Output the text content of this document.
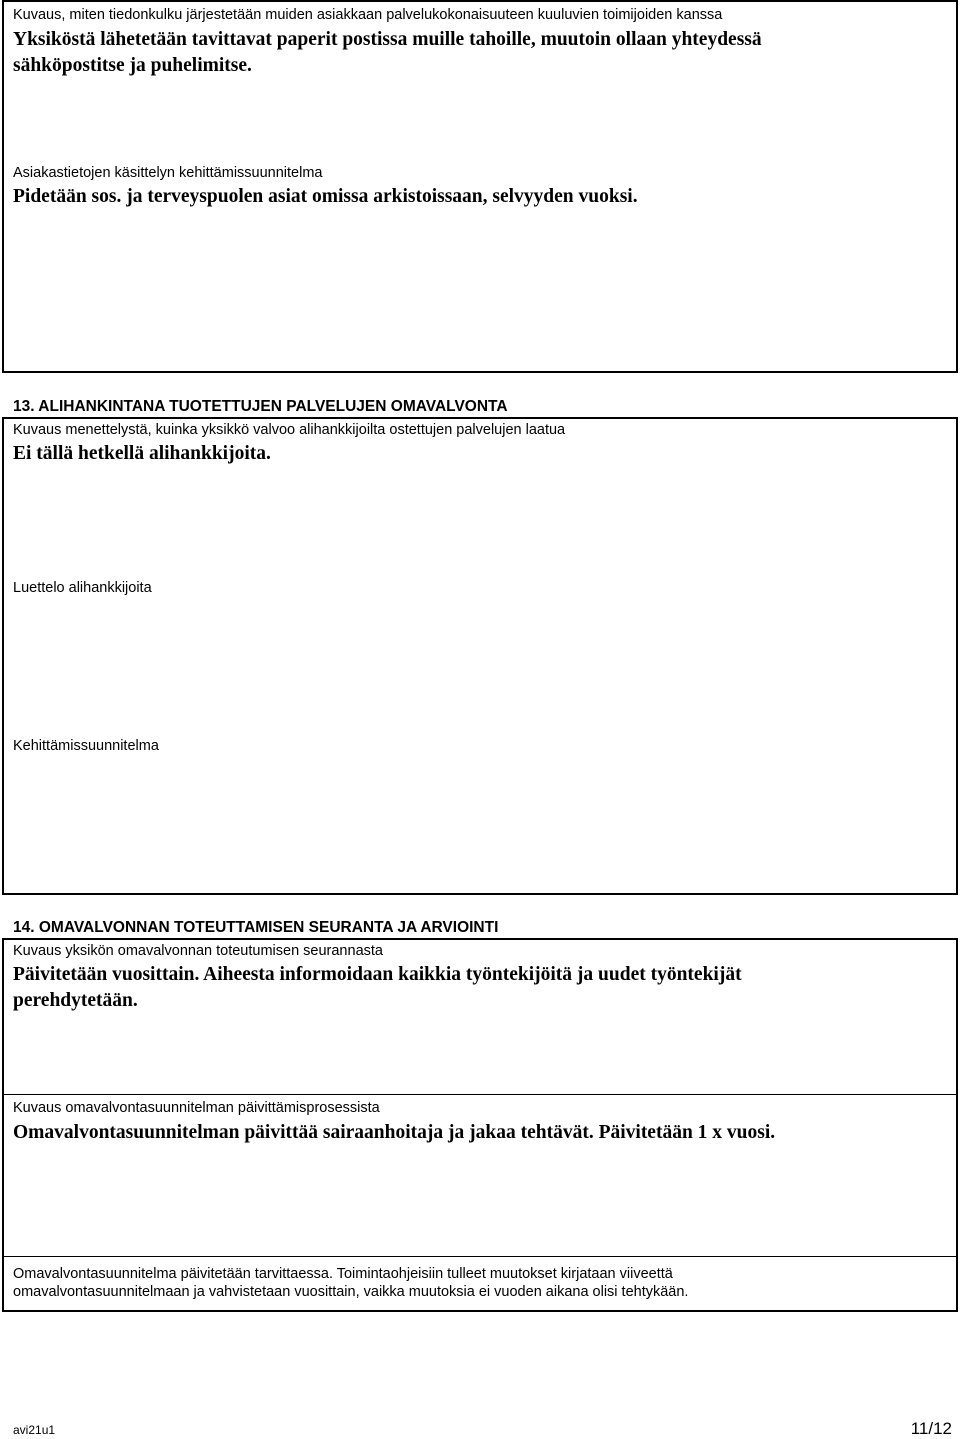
Kuvaus, miten tiedonkulku järjestetään muiden asiakkaan palvelukokonaisuuteen kuuluvien toimijoiden kanssa
Yksiköstä lähetetään tavittavat paperit postissa muille tahoille, muutoin ollaan yhteydessä
sähköpostitse ja puhelimitse.
Asiakastietojen käsittelyn kehittämissuunnitelma
Pidetään sos. ja terveyspuolen asiat omissa arkistoissaan, selvyyden vuoksi.
13. ALIHANKINTANA TUOTETTUJEN PALVELUJEN OMAVALVONTA
Kuvaus menettelystä, kuinka yksikkö valvoo alihankkijoilta ostettujen palvelujen laatua
Ei tällä hetkellä alihankkijoita.
Luettelo alihankkijoita
Kehittämissuunnitelma
14. OMAVALVONNAN TOTEUTTAMISEN SEURANTA JA ARVIOINTI
Kuvaus yksikön omavalvonnan toteutumisen seurannasta
Päivitetään vuosittain. Aiheesta informoidaan kaikkia työntekijöitä ja uudet työntekijät
perehdytetään.
Kuvaus omavalvontasuunnitelman päivittämisprosessista
Omavalvontasuunnitelman päivittää sairaanhoitaja ja jakaa tehtävät. Päivitetään 1 x vuosi.
Omavalvontasuunnitelma päivitetään tarvittaessa. Toimintaohjeisiin tulleet muutokset kirjataan viiveettä
omavalvontasuunnitelmaan ja vahvistetaan vuosittain, vaikka muutoksia ei vuoden aikana olisi tehtykään.
avi21u1	11/12
